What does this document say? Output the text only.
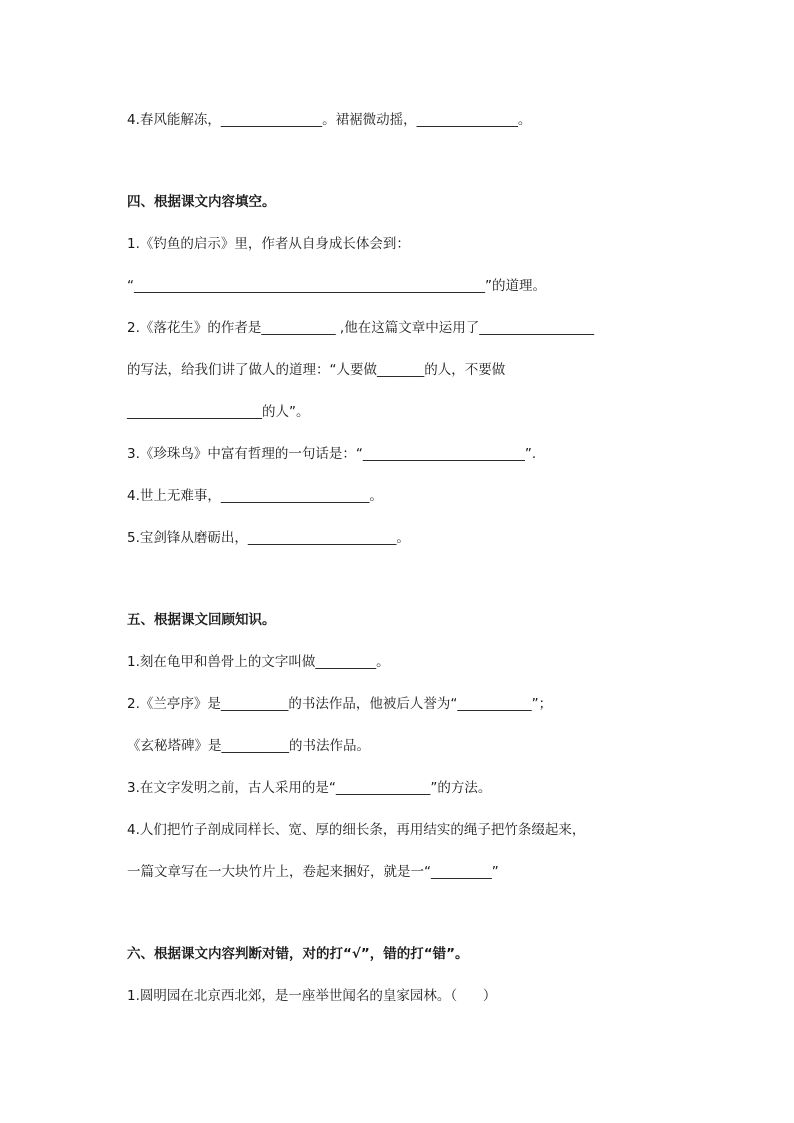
4.春风能解冻，_______________。裙裾微动摇，_______________。
四、根据课文内容填空。
1.《钓鱼的启示》里，作者从自身成长体会到：
“____________________________________________________”的道理。
2.《落花生》的作者是___________ ,他在这篇文章中运用了_________________
的写法，给我们讲了做人的道理：“人要做_______的人，不要做
____________________的人”。
3.《珍珠鸟》中富有哲理的一句话是：“________________________”.
4.世上无难事，______________________。
5.宝剑锋从磨砺出，______________________。
五、根据课文回顾知识。
1.刻在龟甲和兽骨上的文字叫做_________。
2.《兰亭序》是__________的书法作品，他被后人誉为“___________”；
《玄秘塔碑》是__________的书法作品。
3.在文字发明之前，古人采用的是“______________”的方法。
4.人们把竹子剖成同样长、宽、厚的细长条，再用结实的绳子把竹条缀起来，
一篇文章写在一大块竹片上，卷起来捆好，就是一“_________”
六、根据课文内容判断对错，对的打“√”，错的打“错”。
1.圆明园在北京西北郊，是一座举世闻名的皇家园林。（      ）
